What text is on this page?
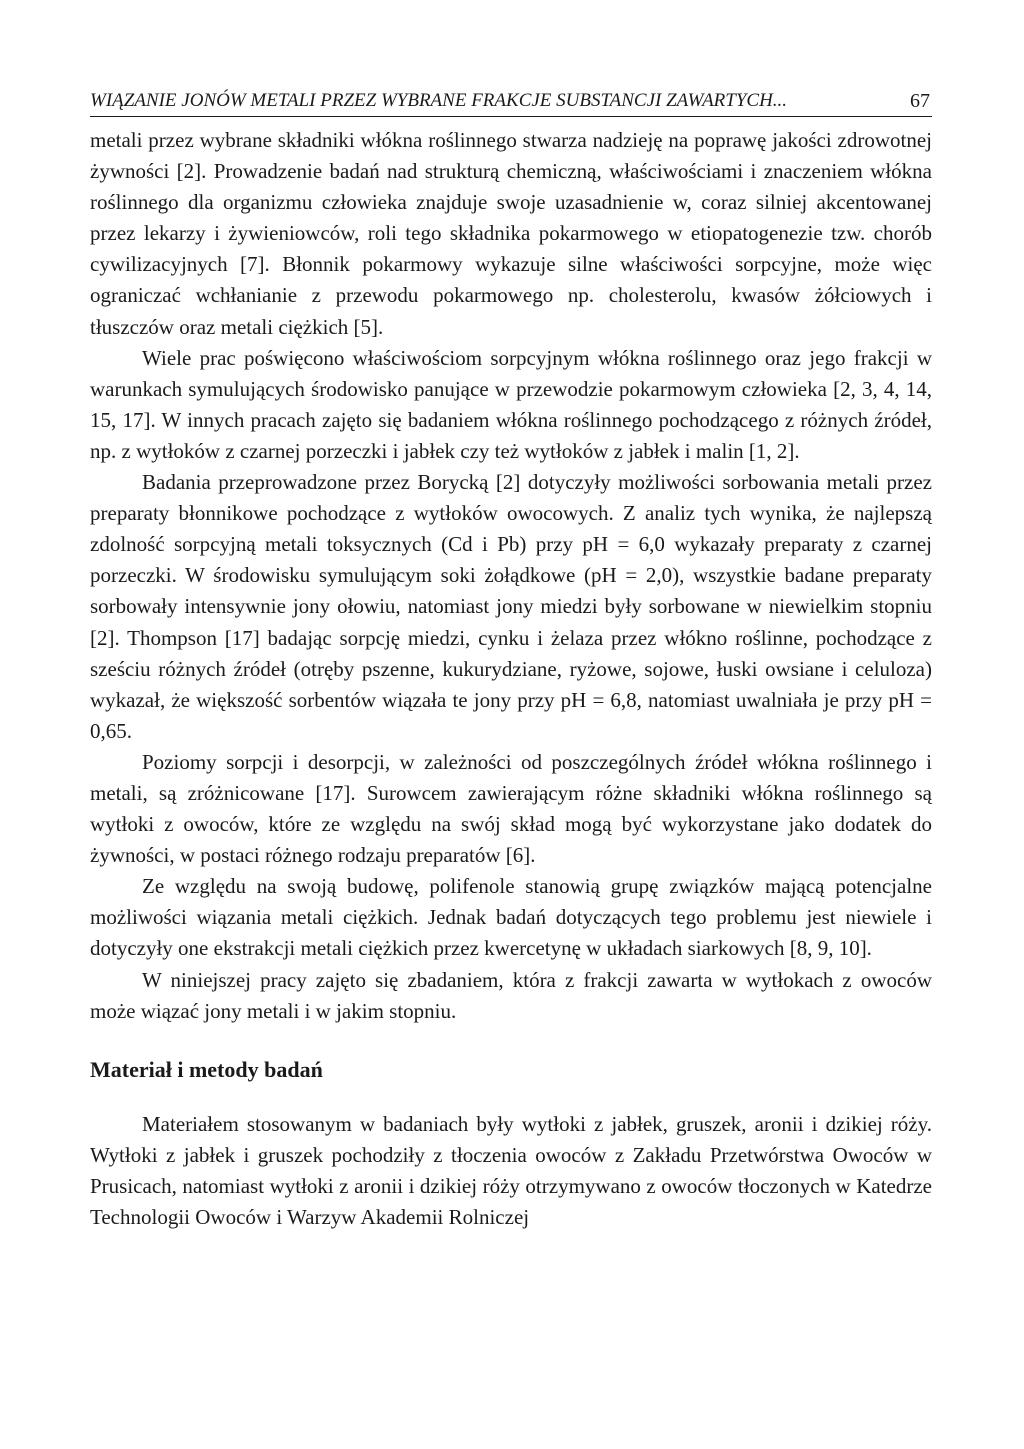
WIĄZANIE JONÓW METALI PRZEZ WYBRANE FRAKCJE SUBSTANCJI ZAWARTYCH...	67

metali przez wybrane składniki włókna roślinnego stwarza nadzieję na poprawę jakości zdrowotnej żywności [2]. Prowadzenie badań nad strukturą chemiczną, właściwościami i znaczeniem włókna roślinnego dla organizmu człowieka znajduje swoje uzasadnienie w, coraz silniej akcentowanej przez lekarzy i żywieniowców, roli tego składnika pokarmowego w etiopatogenezie tzw. chorób cywilizacyjnych [7]. Błonnik pokarmowy wykazuje silne właściwości sorpcyjne, może więc ograniczać wchłanianie z przewodu pokarmowego np. cholesterolu, kwasów żółciowych i tłuszczów oraz metali ciężkich [5].

Wiele prac poświęcono właściwościom sorpcyjnym włókna roślinnego oraz jego frakcji w warunkach symulujących środowisko panujące w przewodzie pokarmowym człowieka [2, 3, 4, 14, 15, 17]. W innych pracach zajęto się badaniem włókna roślinnego pochodzącego z różnych źródeł, np. z wytłoków z czarnej porzeczki i jabłek czy też wytłoków z jabłek i malin [1, 2].

Badania przeprowadzone przez Borycką [2] dotyczyły możliwości sorbowania metali przez preparaty błonnikowe pochodzące z wytłoków owocowych. Z analiz tych wynika, że najlepszą zdolność sorpcyjną metali toksycznych (Cd i Pb) przy pH = 6,0 wykazały preparaty z czarnej porzeczki. W środowisku symulującym soki żołądkowe (pH = 2,0), wszystkie badane preparaty sorbowały intensywnie jony ołowiu, natomiast jony miedzi były sorbowane w niewielkim stopniu [2]. Thompson [17] badając sorpcję miedzi, cynku i żelaza przez włókno roślinne, pochodzące z sześciu różnych źródeł (otręby pszenne, kukurydziane, ryżowe, sojowe, łuski owsiane i celuloza) wykazał, że większość sorbentów wiązała te jony przy pH = 6,8, natomiast uwalniała je przy pH = 0,65.

Poziomy sorpcji i desorpcji, w zależności od poszczególnych źródeł włókna roślinnego i metali, są zróżnicowane [17]. Surowcem zawierającym różne składniki włókna roślinnego są wytłoki z owoców, które ze względu na swój skład mogą być wykorzystane jako dodatek do żywności, w postaci różnego rodzaju preparatów [6].

Ze względu na swoją budowę, polifenole stanowią grupę związków mającą potencjalne możliwości wiązania metali ciężkich. Jednak badań dotyczących tego problemu jest niewiele i dotyczyły one ekstrakcji metali ciężkich przez kwercetynę w układach siarkowych [8, 9, 10].

W niniejszej pracy zajęto się zbadaniem, która z frakcji zawarta w wytłokach z owoców może wiązać jony metali i w jakim stopniu.

Materiał i metody badań

Materiałem stosowanym w badaniach były wytłoki z jabłek, gruszek, aronii i dzikiej róży. Wytłoki z jabłek i gruszek pochodziły z tłoczenia owoców z Zakładu Przetwórstwa Owoców w Prusicach, natomiast wytłoki z aronii i dzikiej róży otrzymywano z owoców tłoczonych w Katedrze Technologii Owoców i Warzyw Akademii Rolniczej
